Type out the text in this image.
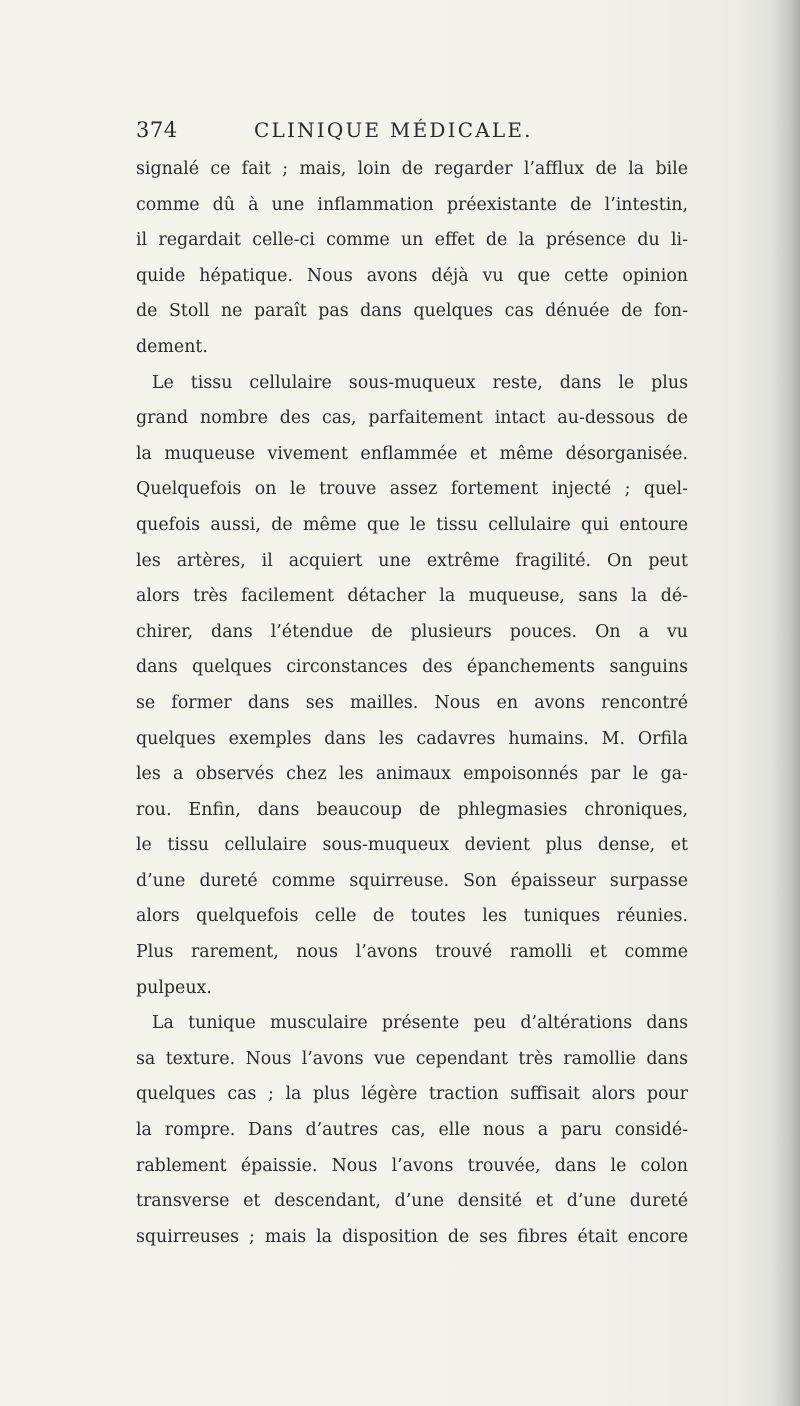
374	CLINIQUE MÉDICALE.
signalé ce fait ; mais, loin de regarder l’afflux de la bile
comme dû à une inflammation préexistante de l’intestin,
il regardait celle-ci comme un effet de la présence du li-
quide hépatique. Nous avons déjà vu que cette opinion
de Stoll ne paraît pas dans quelques cas dénuée de fon-
dement.
Le tissu cellulaire sous-muqueux reste, dans le plus
grand nombre des cas, parfaitement intact au-dessous de
la muqueuse vivement enflammée et même désorganisée.
Quelquefois on le trouve assez fortement injecté ; quel-
quefois aussi, de même que le tissu cellulaire qui entoure
les artères, il acquiert une extrême fragilité. On peut
alors très facilement détacher la muqueuse, sans la dé-
chirer, dans l’étendue de plusieurs pouces. On a vu
dans quelques circonstances des épanchements sanguins
se former dans ses mailles. Nous en avons rencontré
quelques exemples dans les cadavres humains. M. Orfila
les a observés chez les animaux empoisonnés par le ga-
rou. Enfin, dans beaucoup de phlegmasies chroniques,
le tissu cellulaire sous-muqueux devient plus dense, et
d’une dureté comme squirreuse. Son épaisseur surpasse
alors quelquefois celle de toutes les tuniques réunies.
Plus rarement, nous l’avons trouvé ramolli et comme
pulpeux.
La tunique musculaire présente peu d’altérations dans
sa texture. Nous l’avons vue cependant très ramollie dans
quelques cas ; la plus légère traction suffisait alors pour
la rompre. Dans d’autres cas, elle nous a paru considé-
rablement épaissie. Nous l’avons trouvée, dans le colon
transverse et descendant, d’une densité et d’une dureté
squirreuses ; mais la disposition de ses fibres était encore
